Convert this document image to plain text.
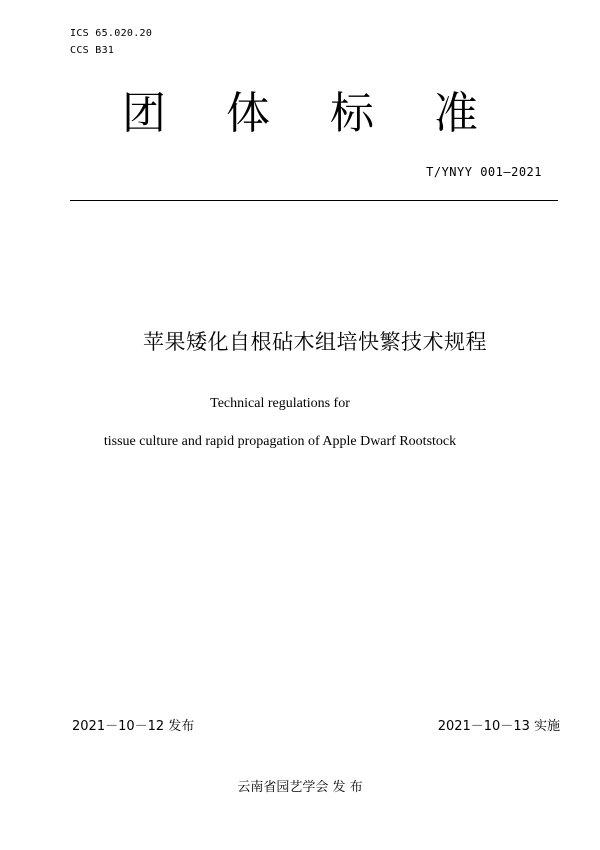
ICS 65.020.20
CCS B31
团 体 标 准
T/YNYY 001—2021
苹果矮化自根砧木组培快繁技术规程
Technical regulations for
tissue culture and rapid propagation of Apple Dwarf Rootstock
2021－10－12 发布	2021－10－13 实施
云南省园艺学会 发 布
